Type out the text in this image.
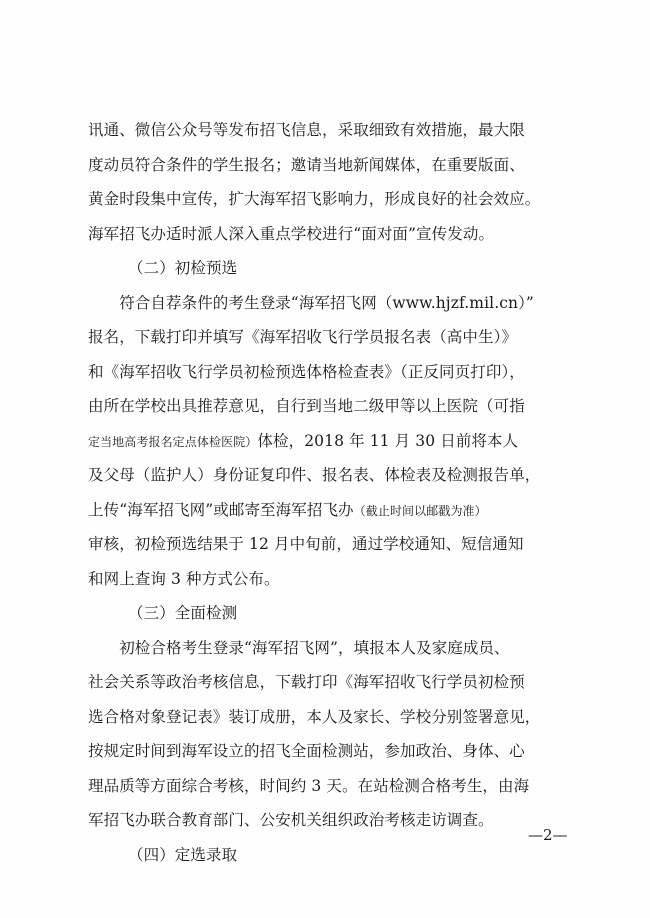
讯通、微信公众号等发布招飞信息，采取细致有效措施，最大限
度动员符合条件的学生报名；邀请当地新闻媒体，在重要版面、
黄金时段集中宣传，扩大海军招飞影响力，形成良好的社会效应。
海军招飞办适时派人深入重点学校进行“面对面”宣传发动。
（二）初检预选
　　符合自荐条件的考生登录“海军招飞网（www.hjzf.mil.cn）”
报名，下载打印并填写《海军招收飞行学员报名表（高中生）》
和《海军招收飞行学员初检预选体格检查表》（正反同页打印），
由所在学校出具推荐意见，自行到当地二级甲等以上医院（可指
定当地高考报名定点体检医院）体检，2018 年 11 月 30 日前将本人
及父母（监护人）身份证复印件、报名表、体检表及检测报告单，
上传“海军招飞网”或邮寄至海军招飞办（截止时间以邮戳为准）
审核，初检预选结果于 12 月中旬前，通过学校通知、短信通知
和网上查询 3 种方式公布。
（三）全面检测
　　初检合格考生登录“海军招飞网”，填报本人及家庭成员、
社会关系等政治考核信息，下载打印《海军招收飞行学员初检预
选合格对象登记表》装订成册，本人及家长、学校分别签署意见，
按规定时间到海军设立的招飞全面检测站，参加政治、身体、心
理品质等方面综合考核，时间约 3 天。在站检测合格考生，由海
军招飞办联合教育部门、公安机关组织政治考核走访调查。
（四）定选录取
—2—
